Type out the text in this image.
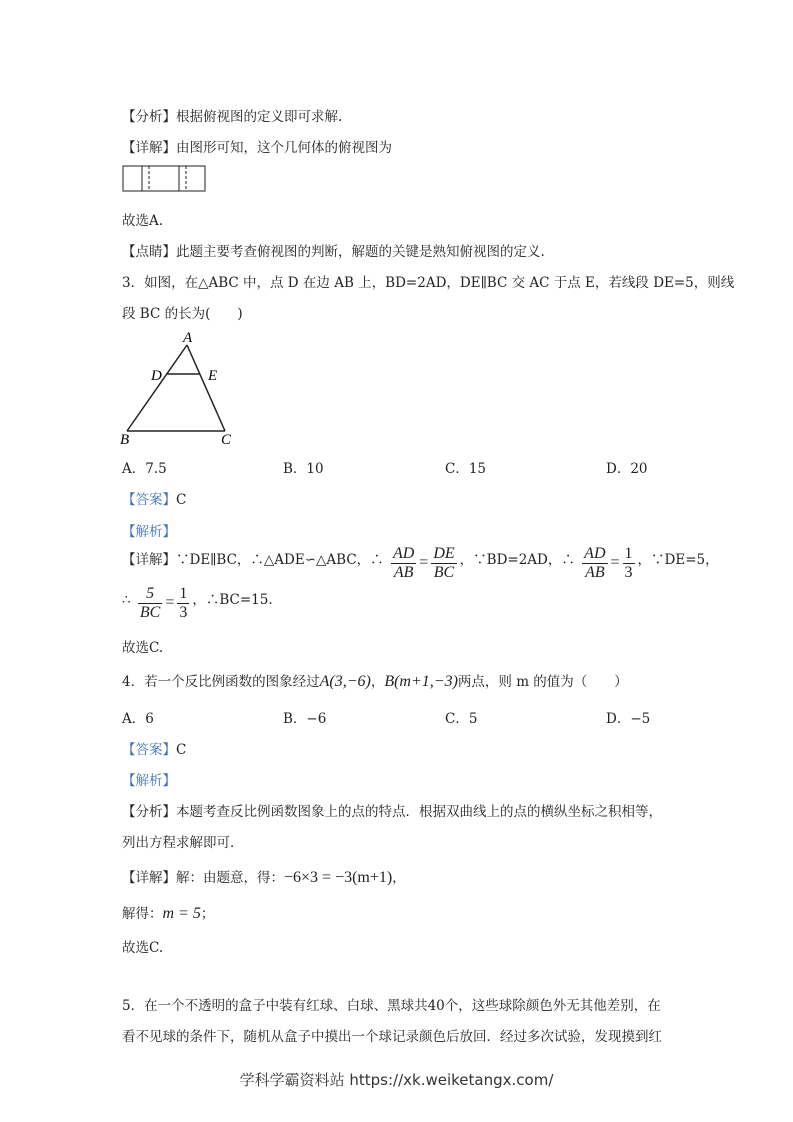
【分析】根据俯视图的定义即可求解.
【详解】由图形可知，这个几何体的俯视图为
故选A.
【点睛】此题主要考查俯视图的判断，解题的关键是熟知俯视图的定义.
3．如图，在△ABC 中，点 D 在边 AB 上，BD=2AD，DE∥BC 交 AC 于点 E，若线段 DE=5，则线
段 BC 的长为(　　)
A
D	E
B	C
A．7.5	B．10	C．15	D．20
【答案】C
【解析】
【详解】∵DE∥BC，∴△ADE∽△ABC，∴ $\frac{AD}{AB} = \frac{DE}{BC}$ ，∵BD=2AD，∴ $\frac{AD}{AB} = \frac{1}{3}$ ，∵DE=5，
∴ $\frac{5}{BC} = \frac{1}{3}$ ，∴BC=15.
故选C.
4．若一个反比例函数的图象经过A(3,−6)，B(m+1,−3)两点，则 m 的值为（　　）
A．6	B．−6	C．5	D．−5
【答案】C
【解析】
【分析】本题考查反比例函数图象上的点的特点．根据双曲线上的点的横纵坐标之积相等，
列出方程求解即可．
【详解】解：由题意，得：−6×3 = −3(m+1)，
解得：m = 5；
故选C.
5．在一个不透明的盒子中装有红球、白球、黑球共40个，这些球除颜色外无其他差别，在
看不见球的条件下，随机从盒子中摸出一个球记录颜色后放回．经过多次试验，发现摸到红
学科学霸资料站 https://xk.weiketangx.com/
